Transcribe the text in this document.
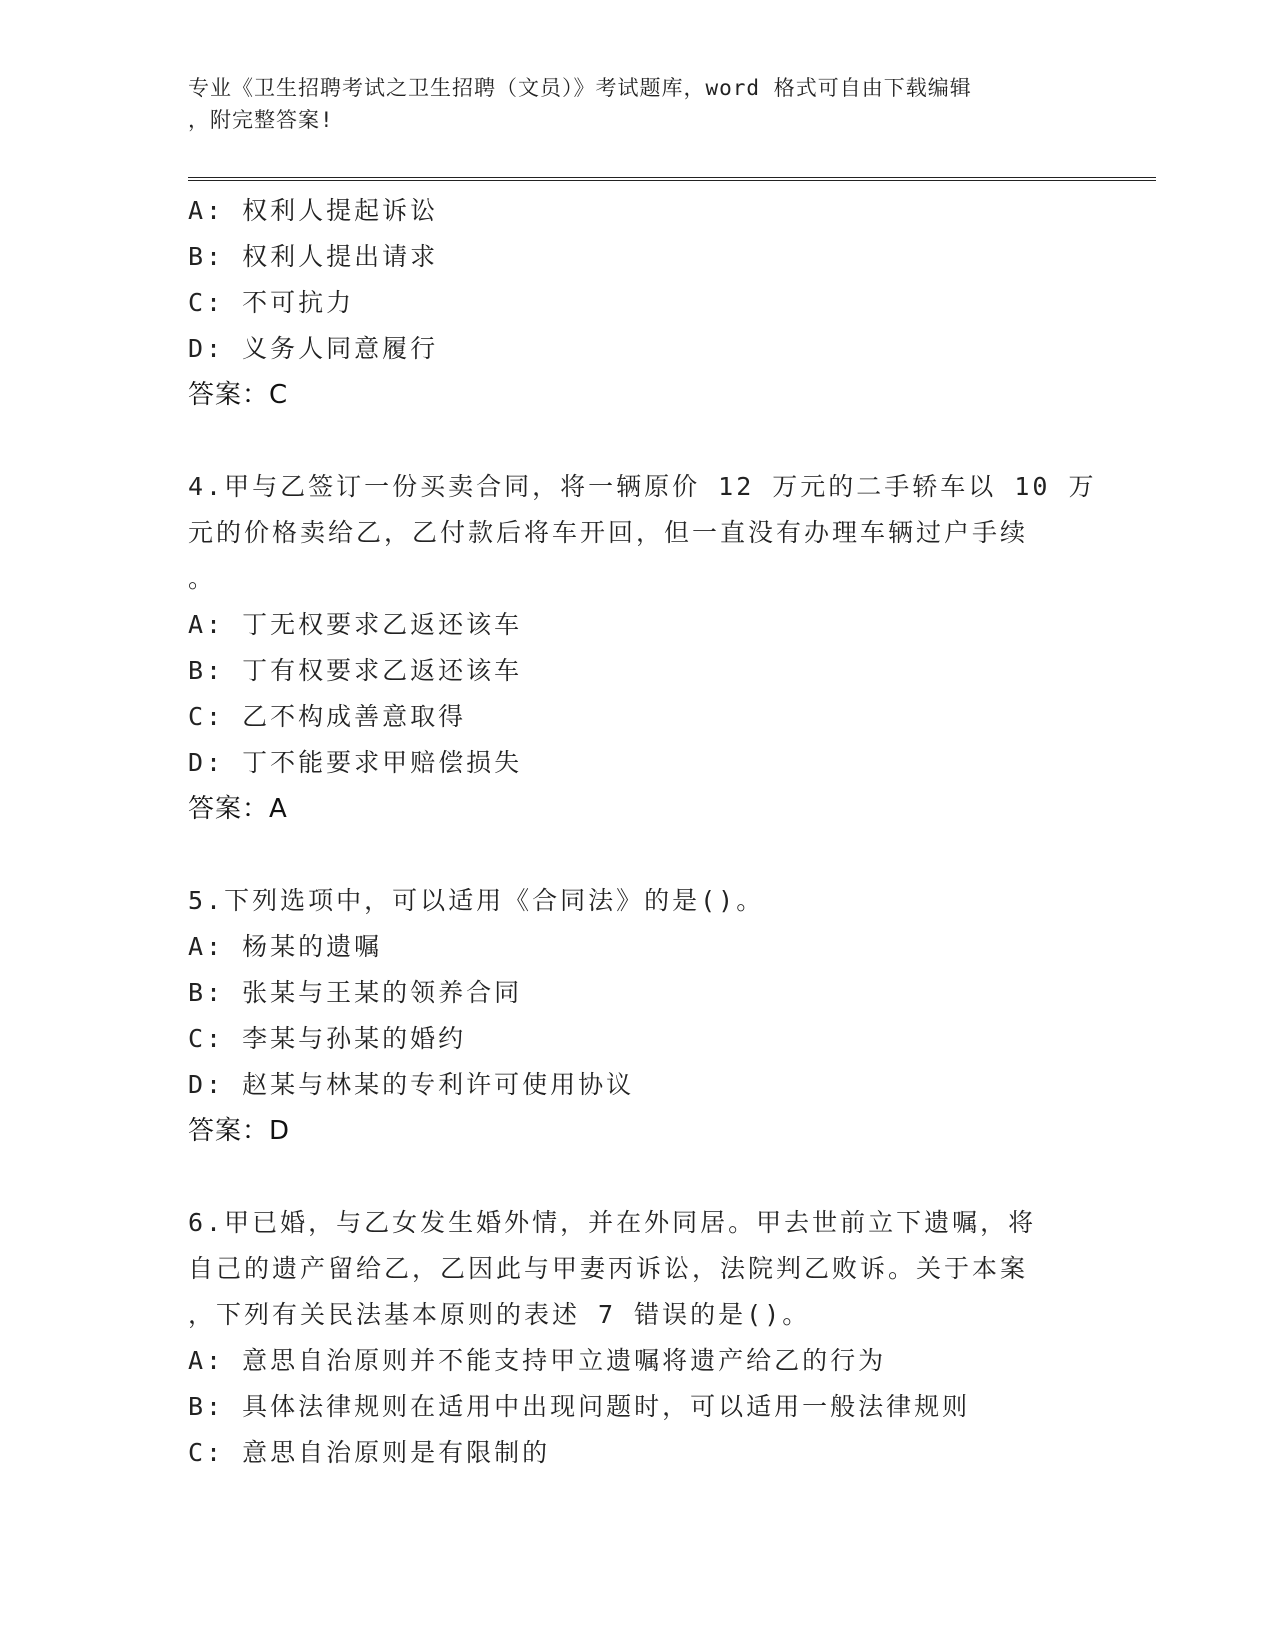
专业《卫生招聘考试之卫生招聘（文员）》考试题库，word 格式可自由下载编辑
，附完整答案!
A: 权利人提起诉讼
B: 权利人提出请求
C: 不可抗力
D: 义务人同意履行
答案：C
4.甲与乙签订一份买卖合同，将一辆原价 12 万元的二手轿车以 10 万
元的价格卖给乙，乙付款后将车开回，但一直没有办理车辆过户手续
。
A: 丁无权要求乙返还该车
B: 丁有权要求乙返还该车
C: 乙不构成善意取得
D: 丁不能要求甲赔偿损失
答案：A
5.下列选项中，可以适用《合同法》的是()。
A: 杨某的遗嘱
B: 张某与王某的领养合同
C: 李某与孙某的婚约
D: 赵某与林某的专利许可使用协议
答案：D
6.甲已婚，与乙女发生婚外情，并在外同居。甲去世前立下遗嘱，将
自己的遗产留给乙，乙因此与甲妻丙诉讼，法院判乙败诉。关于本案
，下列有关民法基本原则的表述 7 错误的是()。
A: 意思自治原则并不能支持甲立遗嘱将遗产给乙的行为
B: 具体法律规则在适用中出现问题时，可以适用一般法律规则
C: 意思自治原则是有限制的
